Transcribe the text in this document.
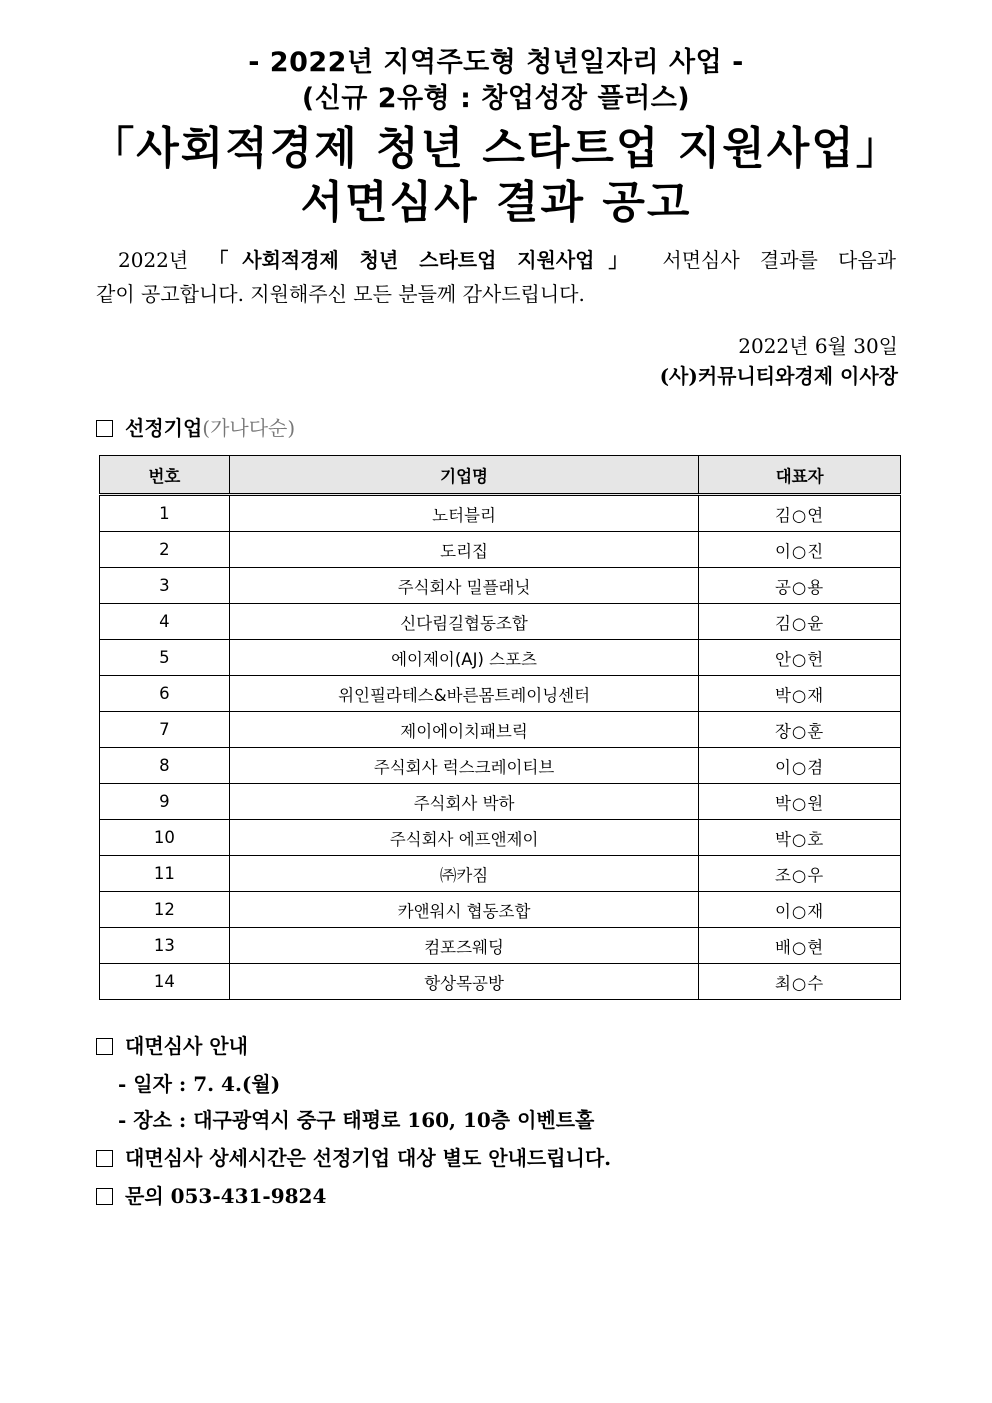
- 2022년 지역주도형 청년일자리 사업 -
(신규 2유형 : 창업성장 플러스)
「사회적경제 청년 스타트업 지원사업」
서면심사 결과 공고
2022년 「사회적경제 청년 스타트업 지원사업」 서면심사 결과를 다음과
같이 공고합니다. 지원해주신 모든 분들께 감사드립니다.
2022년 6월 30일
(사)커뮤니티와경제 이사장
선정기업(가나다순)
번호	기업명	대표자
1	노터블리	김○연
2	도리집	이○진
3	주식회사 밀플래닛	공○용
4	신다림길협동조합	김○윤
5	에이제이(AJ) 스포츠	안○헌
6	위인필라테스&바른몸트레이닝센터	박○재
7	제이에이치패브릭	장○훈
8	주식회사 럭스크레이티브	이○겸
9	주식회사 박하	박○원
10	주식회사 에프앤제이	박○호
11	㈜카짐	조○우
12	카앤워시 협동조합	이○재
13	컴포즈웨딩	배○현
14	항상목공방	최○수
대면심사 안내
- 일자 : 7. 4.(월)
- 장소 : 대구광역시 중구 태평로 160, 10층 이벤트홀
대면심사 상세시간은 선정기업 대상 별도 안내드립니다.
문의 053-431-9824
